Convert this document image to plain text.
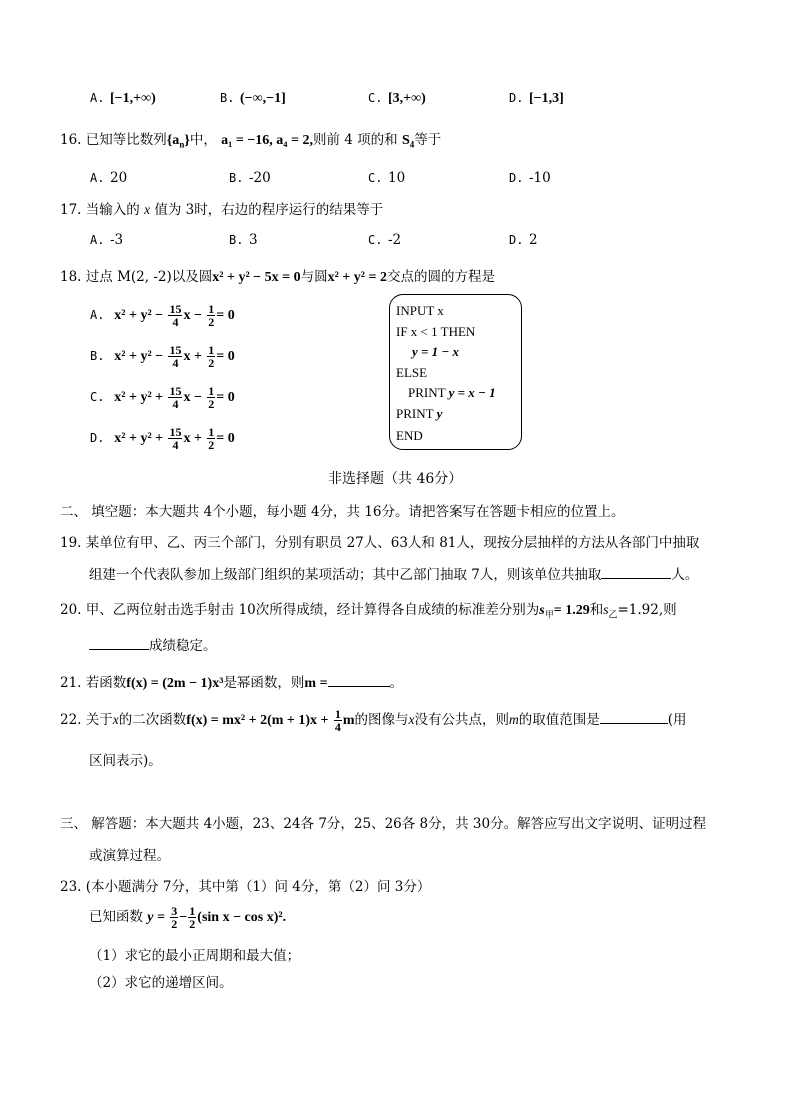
A. [−1,+∞)	B. (−∞,−1]	C. [3,+∞)	D. [−1,3]
16. 已知等比数列$\{a_n\}$中， a₁ = −16, a₄ = 2,则前 4 项的和 $S_4$等于
A. 20	B. -20	C. 10	D. -10
17. 当输入的 x 值为 3时，右边的程序运行的结果等于
A. -3	B. 3	C. -2	D. 2
18. 过点 M(2, -2)以及圆x² + y² − 5x = 0与圆x² + y² = 2交点的圆的方程是
A. $x^2 + y^2 - \frac{15}{4}$ $x - \frac{1}{2} = 0$
B. $x^2 + y^2 - \frac{15}{4}$ $x + \frac{1}{2} = 0$
C. $x^2 + y^2 + \frac{15}{4}$ $x - \frac{1}{2} = 0$
D. $x^2 + y^2 + \frac{15}{4}$ $x + \frac{1}{2} = 0$
INPUT x
IF x < 1 THEN
y = 1 − x
ELSE
PRINT y = x − 1
PRINT y
END
非选择题（共 46分）
二、 填空题：本大题共 4个小题，每小题 4分，共 16分。请把答案写在答题卡相应的位置上。
19. 某单位有甲、乙、丙三个部门，分别有职员 27人、63人和 81人，现按分层抽样的方法从各部门中抽取
组建一个代表队参加上级部门组织的某项活动；其中乙部门抽取 7人，则该单位共抽取	人。
20. 甲、乙两位射击选手射击 10次所得成绩，经计算得各自成绩的标准差分别为$s_甲= 1.29$和$s_乙=1.92$,则
成绩稳定。
21. 若函数f(x) = (2m − 1)x³是幂函数，则m =	。
22. 关于x的二次函数$f(x) = mx^2 + 2(m + 1)x + \frac{1}{4}$ m的图像与x没有公共点，则m的取值范围是	(用
区间表示)。
三、 解答题：本大题共 4小题，23、24各 7分，25、26各 8分，共 30分。解答应写出文字说明、证明过程
或演算过程。
23. (本小题满分 7分，其中第（1）问 4分，第（2）问 3分）
已知函数 $y = \frac{3}{2} - \frac{1}{2} (\sin$ x − cos x)².
（1）求它的最小正周期和最大值；
（2）求它的递增区间。
